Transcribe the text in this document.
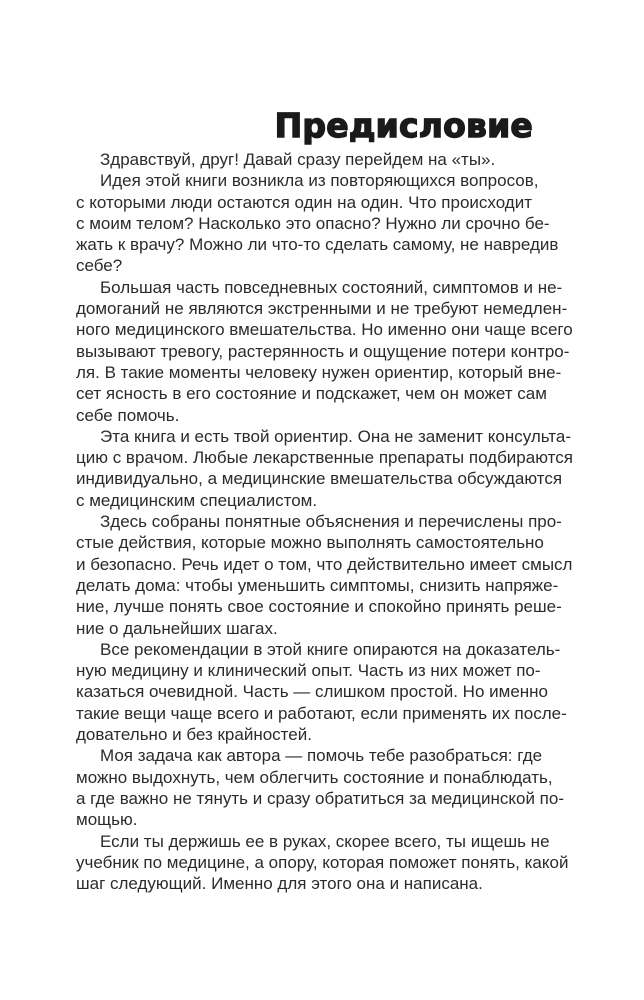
Предисловие
Здравствуй, друг! Давай сразу перейдем на «ты».
Идея этой книги возникла из повторяющихся вопросов,
с которыми люди остаются один на один. Что происходит
с моим телом? Насколько это опасно? Нужно ли срочно бе-
жать к врачу? Можно ли что-то сделать самому, не навредив
себе?
Большая часть повседневных состояний, симптомов и не-
домоганий не являются экстренными и не требуют немедлен-
ного медицинского вмешательства. Но именно они чаще всего
вызывают тревогу, растерянность и ощущение потери контро-
ля. В такие моменты человеку нужен ориентир, который вне-
сет ясность в его состояние и подскажет, чем он может сам
себе помочь.
Эта книга и есть твой ориентир. Она не заменит консульта-
цию с врачом. Любые лекарственные препараты подбираются
индивидуально, а медицинские вмешательства обсуждаются
с медицинским специалистом.
Здесь собраны понятные объяснения и перечислены про-
стые действия, которые можно выполнять самостоятельно
и безопасно. Речь идет о том, что действительно имеет смысл
делать дома: чтобы уменьшить симптомы, снизить напряже-
ние, лучше понять свое состояние и спокойно принять реше-
ние о дальнейших шагах.
Все рекомендации в этой книге опираются на доказатель-
ную медицину и клинический опыт. Часть из них может по-
казаться очевидной. Часть — слишком простой. Но именно
такие вещи чаще всего и работают, если применять их после-
довательно и без крайностей.
Моя задача как автора — помочь тебе разобраться: где
можно выдохнуть, чем облегчить состояние и понаблюдать,
а где важно не тянуть и сразу обратиться за медицинской по-
мощью.
Если ты держишь ее в руках, скорее всего, ты ищешь не
учебник по медицине, а опору, которая поможет понять, какой
шаг следующий. Именно для этого она и написана.
